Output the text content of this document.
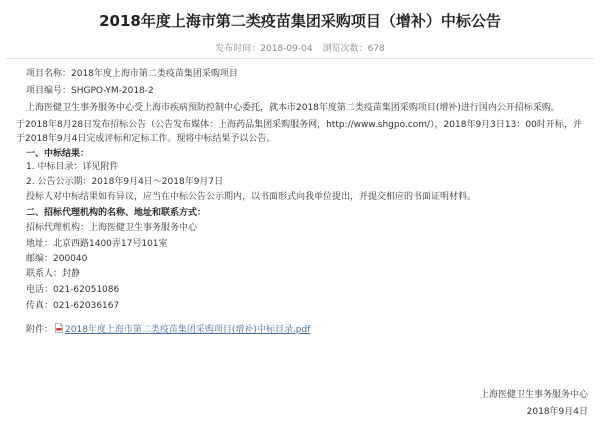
2018年度上海市第二类疫苗集团采购项目（增补）中标公告
发布时间：2018-09-04 浏览次数：678
项目名称：2018年度上海市第二类疫苗集团采购项目
项目编号：SHGPO-YM-2018-2
上海医健卫生事务服务中心受上海市疾病预防控制中心委托，就本市2018年度第二类疫苗集团采购项目(增补)进行国内公开招标采购。
于2018年8月28日发布招标公告（公告发布媒体：上海药品集团采购服务网，http://www.shgpo.com/），2018年9月3日13：00时开标，并
于2018年9月4日完成评标和定标工作。现将中标结果予以公告。
一、中标结果：
1. 中标目录：详见附件
2. 公告公示期：2018年9月4日～2018年9月7日
投标人对中标结果如有异议，应当在中标公告公示期内，以书面形式向我单位提出，并提交相应的书面证明材料。
二、招标代理机构的名称、地址和联系方式：
招标代理机构：上海医健卫生事务服务中心
地址：北京西路1400弄17号101室
邮编：200040
联系人：封静
电话：021-62051086
传真：021-62036167
附件： 2018年度上海市第二类疫苗集团采购项目(增补)中标目录.pdf
上海医健卫生事务服务中心
2018年9月4日
